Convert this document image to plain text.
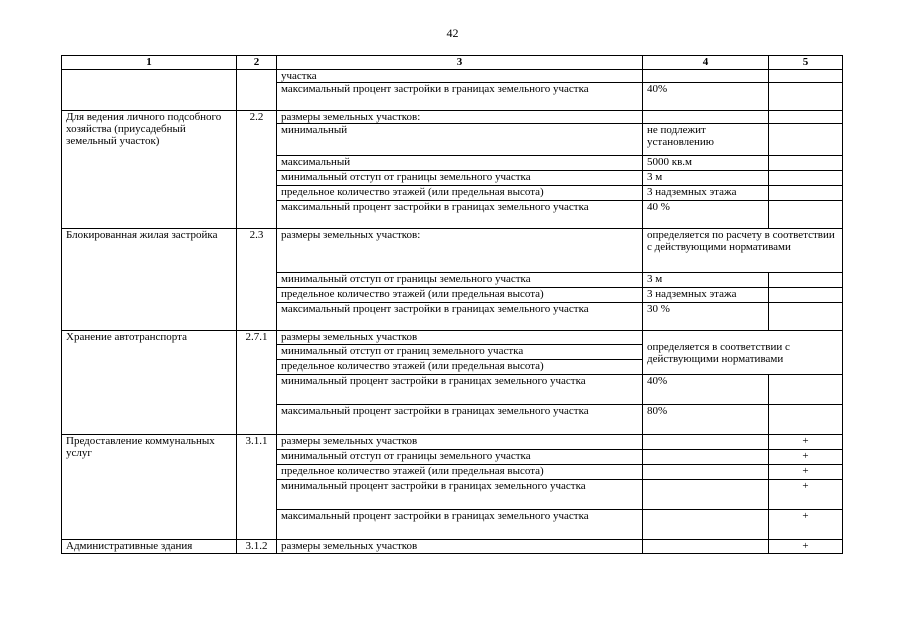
42
1	2	3	4	5
		участка		
		максимальный процент застройки в границах земельного участка	40%	
Для ведения личного подсобного хозяйства (приусадебный земельный участок)	2.2	размеры земельных участков:		
		минимальный	не подлежит установлению	
		максимальный	5000 кв.м	
		минимальный отступ от границы земельного участка	3 м	
		предельное количество этажей (или предельная высота)	3 надземных этажа	
		максимальный процент застройки в границах земельного участка	40 %	
Блокированная жилая застройка	2.3	размеры земельных участков:	определяется по расчету в соответствии с действующими нормативами	
		минимальный отступ от границы земельного участка	3 м	
		предельное количество этажей (или предельная высота)	3 надземных этажа	
		максимальный процент застройки в границах земельного участка	30 %	
Хранение автотранспорта	2.7.1	размеры земельных участков	определяется в соответствии с действующими нормативами	
		минимальный отступ от границ земельного участка		
		предельное количество этажей (или предельная высота)		
		минимальный процент застройки в границах земельного участка	40%	
		максимальный процент застройки в границах земельного участка	80%	
Предоставление коммунальных услуг	3.1.1	размеры земельных участков		+
		минимальный отступ от границы земельного участка		+
		предельное количество этажей (или предельная высота)		+
		минимальный процент застройки в границах земельного участка		+
		максимальный процент застройки в границах земельного участка		+
Административные здания	3.1.2	размеры земельных участков		+
